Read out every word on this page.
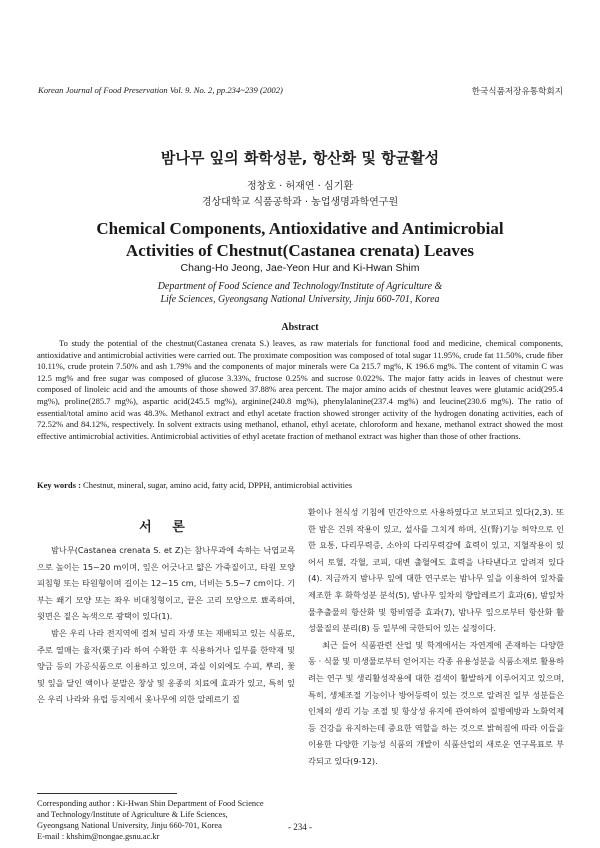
Korean Journal of Food Preservation Vol. 9. No. 2, pp.234~239 (2002)	한국식품저장유통학회지
밤나무 잎의 화학성분, 항산화 및 항균활성
정창호 · 허재연 · 심기환
경상대학교 식품공학과 · 농업생명과학연구원
Chemical Components, Antioxidative and Antimicrobial
Activities of Chestnut(Castanea crenata) Leaves
Chang-Ho Jeong, Jae-Yeon Hur and Ki-Hwan Shim
Department of Food Science and Technology/Institute of Agriculture &
Life Sciences, Gyeongsang National University, Jinju 660-701, Korea
Abstract

To study the potential of the chestnut(Castanea crenata S.) leaves, as raw materials for functional food and medicine, chemical components, antioxidative and antimicrobial activities were carried out. The proximate composition was composed of total sugar 11.95%, crude fat 11.50%, crude fiber 10.11%, crude protein 7.50% and ash 1.79% and the components of major minerals were Ca 215.7 mg%, K 196.6 mg%. The content of vitamin C was 12.5 mg% and free sugar was composed of glucose 3.33%, fructose 0.25% and sucrose 0.022%. The major fatty acids in leaves of chestnut were composed of linoleic acid and the amounts of those showed 37.88% area percent. The major amino acids of chestnut leaves were glutamic acid(295.4 mg%), proline(285.7 mg%), aspartic acid(245.5 mg%), arginine(240.8 mg%), phenylalanine(237.4 mg%) and leucine(230.6 mg%). The ratio of essential/total amino acid was 48.3%. Methanol extract and ethyl acetate fraction showed stronger activity of the hydrogen donating activities, each of 72.52% and 84.12%, respectively. In solvent extracts using methanol, ethanol, ethyl acetate, chloroform and hexane, methanol extract showed the most effective antimicrobial activities. Antimicrobial activities of ethyl acetate fraction of methanol extract was higher than those of other fractions.

Key words : Chestnut, mineral, sugar, amino acid, fatty acid, DPPH, antimicrobial activities
서 론

밤나무(Castanea crenata S. et Z)는 참나무과에 속하는 낙엽교목으로 높이는 15~20 m이며, 잎은 어긋나고 얇은 가죽질이고, 타원 모양 피침형 또는 타원형이며 길이는 12~15 cm, 너비는 5.5~7 cm이다. 기부는 쐐기 모양 또는 좌우 비대칭형이고, 끝은 고리 모양으로 뾰족하며, 윗면은 짙은 녹색으로 광택이 있다(1).

밤은 우리 나라 전지역에 걸쳐 널리 자생 또는 재배되고 있는 식품로, 주로 열매는 율자(栗子)라 하여 수확한 후 식용하거나 일부를 한약재 및 양금 등의 가공식품으로 이용하고 있으며, 과실 이외에도 수피, 뿌리, 꽃 및 잎을 달인 액이나 분말은 창상 및 옹종의 치료에 효과가 있고, 특히 잎은 우리 나라와 유럽 등지에서 옻나무에 의한 알레르기 질

환이나 천식성 기침에 민간약으로 사용하였다고 보고되고 있다(2,3). 또한 밤은 건위 작용이 있고, 설사를 그치게 하며, 신(腎)기능 허약으로 인한 요통, 다리무력증, 소아의 다리무력감에 효력이 있고, 지혈작용이 있어서 토혈, 각혈, 코피, 대변 출혈에도 효력을 나타낸다고 알려져 있다(4). 지금까지 밤나무 잎에 대한 연구로는 밤나무 잎을 이용하여 잎차를 제조한 후 화학성분 분석(5), 밤나무 잎차의 향압레르기 효과(6), 밤잎차 물추출물의 항산화 및 항비염증 효과(7), 밤나무 잎으로부터 항산화 활성물질의 분리(8) 등 일부에 국한되어 있는 실정이다.

최근 들어 식품관련 산업 및 학계에서는 자연계에 존재하는 다양한 동 · 식물 및 미생물로부터 얻어지는 각종 유용성분을 식품소재로 활용하려는 연구 및 생리활성작용에 대한 검색이 활발하게 이루어지고 있으며, 특히, 생체조절 기능이나 방어등력이 있는 것으로 알려진 일부 성분들은 인체의 생리 기능 조절 및 항상성 유지에 관여하여 질병예방과 노화억제 등 건강을 유지하는데 중요한 역할을 하는 것으로 밝혀짐에 따라 이들을 이용한 다양한 기능성 식품의 개발이 식품산업의 새로운 연구목표로 부각되고 있다(9-12).

Corresponding author : Ki-Hwan Shin Department of Food Science
and Technology/Institute of Agriculture & Life Sciences,
Gyeongsang National University, Jinju 660-701, Korea
E-mail : khshim@nongae.gsnu.ac.kr
- 234 -
